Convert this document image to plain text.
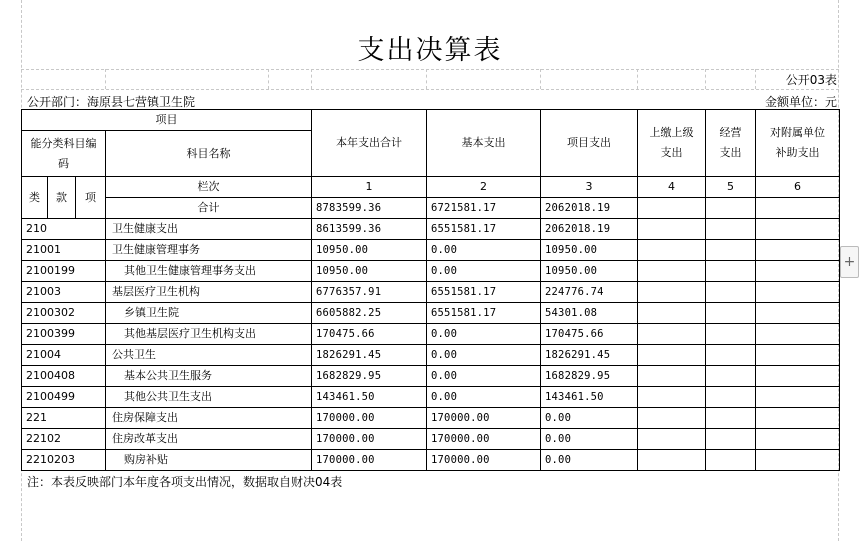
支出决算表
公开03表
公开部门：海原县七营镇卫生院	金额单位：元
项目				本年支出合计	基本支出	项目支出	上缴上级支出	经营支出	对附属单位补助支出
能分类科目编码			科目名称						

类	款	项	栏次	1	2	3	4	5	6
			合计	8783599.36	6721581.17	2062018.19			
210			卫生健康支出	8613599.36	6551581.17	2062018.19			
21001			卫生健康管理事务	10950.00	0.00	10950.00			
2100199			其他卫生健康管理事务支出	10950.00	0.00	10950.00			
21003			基层医疗卫生机构	6776357.91	6551581.17	224776.74			
2100302			乡镇卫生院	6605882.25	6551581.17	54301.08			
2100399			其他基层医疗卫生机构支出	170475.66	0.00	170475.66			
21004			公共卫生	1826291.45	0.00	1826291.45			
2100408			基本公共卫生服务	1682829.95	0.00	1682829.95			
2100499			其他公共卫生支出	143461.50	0.00	143461.50			
221			住房保障支出	170000.00	170000.00	0.00			
22102			住房改革支出	170000.00	170000.00	0.00			
2210203			购房补贴	170000.00	170000.00	0.00			
注：本表反映部门本年度各项支出情况，数据取自财决04表
+
